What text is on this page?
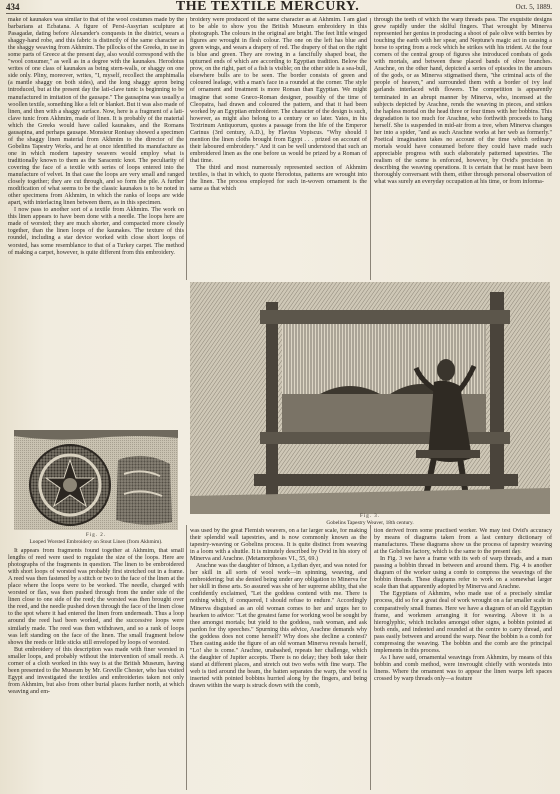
434	THE TEXTILE MERCURY.	Oct. 5, 1889.

make of kaunakes was similar to that of the wool costumes made by the barbarians at Ecbatana. A figure of Persi-Assyrian sculpture at Pasagadæ, dating before Alexander's conquests in the district, wears a shaggy-hand robe, and this fabric is distinctly of the same character as the shaggy weaving from Akhmim. The pillocks of the Greeks, in use in some parts of Greece at the present day, also would correspond with the "wool consumer," as well as in a degree with the kaunakes. Herodotus writes of one class of kaunakes as being stern-walls, or shaggy on one side only. Pliny, moreover, writes, "I, myself, recollect the amphimalla (a mantle shaggy on both sides), and the long shaggy apron being introduced, but at the present day the lati-clave tunic is beginning to be manufactured in imitation of the gausape." The gausapina was usually a woollen textile, something like a felt or blanket. But it was also made of linen, and then with a shaggy surface. Now, here is a fragment of a lati-clave tunic from Akhmim, made of linen. It is probably of the material which the Greeks would have called kaunakes, and the Romans gausapina, and perhaps gausape. Monsieur Ronisay showed a specimen of the shaggy linen material from Akhmim to the director of the Gobelins Tapestry Works, and he at once identified its manufacture as one in which modern tapestry weavers would employ what is traditionally known to them as the Saracenic knot. The peculiarity of covering the face of a textile with series of loops entered into the manufacture of velvet. In that case the loops are very small and ranged closely together; they are cut through, and so form the pile. A further modification of what seems to be the classic kaunakes is to be noted in other specimens from Akhmim, in which the ranks of loops are wide apart, with interlacing linen between them, as in this specimen.

I now pass to another sort of a textile from Akhmim. The work on this linen appears to have been done with a needle. The loops here are made of worsted; they are much shorter, and compacted more closely together, than the linen loops of the kaunakes. The texture of this roundel, including a star device worked with close short loops of worsted, has some resemblance to that of a Turkey carpet. The method of making a carpet, however, is quite different from this embroidery.

broidery were produced of the same character as at Akhmim. I am glad to be able to show you the British Museum embroidery in this photograph. The colours in the original are bright. The feet little winged figures are wrought in flesh colour. The one on the left has blue and green wings, and wears a drapery of red. The drapery of that on the right is blue and green. They are rowing in a fancifully shaped boat, the upturned ends of which are according to Egyptian tradition. Below the prow, on the right, part of a fish is visible; on the other side is a sea-bull, elsewhere bulls are to be seen. The border consists of green and coloured leafage, with a man's face in a roundel at the corner. The style of ornament and treatment is more Roman than Egyptian. We might imagine that some Græco-Roman designer, possibly of the time of Cleopatra, had drawn and coloured the pattern, and that it had been worked by an Egyptian embroiderer. The character of the design is such, however, as might also belong to a century or so later. Yates, in his Textrinum Antiquorum, quotes a passage from the life of the Emperor Carinus (3rd century, A.D.), by Flavius Vopiscus. "Why should I mention the linen cloths brought from Egypt . . . prized on account of their laboured embroidery." And it can be well understood that such an embroidered linen as the one before us would be prized by a Roman of that time.

The third and most numerously represented section of Akhmim textiles, is that in which, to quote Herodotus, patterns are wrought into the linen. The process employed for such in-woven ornament is the same as that which

through the teeth of which the warp threads pass. The exquisite designs grew rapidly under the skilful fingers. That wrought by Minerva represented her genius in producing a shoot of pale olive with berries by touching the earth with her spear, and Neptune's magic act in causing a horse to spring from a rock which he strikes with his trident. At the four corners of the central group of figures she introduced combats of gods with mortals, and between these placed bands of olive branches. Arachne, on the other hand, depicted a series of episodes in the amours of the gods, or as Minerva stigmatised them, "the criminal acts of the people of heaven," and surrounded them with a border of ivy leaf garlands interlaced with flowers. The competition is apparently terminated in an abrupt manner by Minerva, who, incensed at the subjects depicted by Arachne, rends the weaving in pieces, and strikes the hapless mortal on the head three or four times with her bobbins. This degradation is too much for Arachne, who forthwith proceeds to hang herself. She is suspended in mid-air from a tree, when Minerva changes her into a spider, "and as such Arachne works at her web as formerly." Poetical imagination takes no account of the time which ordinary mortals would have consumed before they could have made such appreciable progress with such elaborately patterned tapestries. The realism of the scene is enforced, however, by Ovid's precision in describing the weaving operations. It is certain that he must have been thoroughly conversant with them, either through personal observation of what was surely an everyday occupation at his time, or from informa-

Fig. 2.
Looped Worsted Embroidery on Stout Linen (from Akhmim).
Fig. 3.
Gobelins Tapestry Weaver, 18th century.

It appears from fragments found together at Akhmim, that small lengths of reed were used to regulate the size of the loops. Here are photographs of the fragments in question. The linen to be embroidered with short loops of worsted was probably first stretched out in a frame. A reed was then fastened by a stitch or two to the face of the linen at the place where the loops were to be worked. The needle, charged with worsted or flax, was then pushed through from the under side of the linen close to one side of the reed; the worsted was then brought over the reed, and the needle pushed down through the face of the linen close to the spot where it had entered the linen from underneath. Thus a loop around the reed had been worked, and the successive loops were similarly made. The reed was then withdrawn, and so a rank of loops was left standing on the face of the linen. The small fragment below shows the reeds or little sticks still enveloped by loops of worsted.

But embroidery of this description was made with finer worsted in smaller loops, and probably without the intervention of small reeds. A corner of a cloth worked in this way is at the British Museum, having been presented to the Museum by Mr. Greville Chester, who has visited Egypt and investigated the textiles and embroideries taken not only from Akhmim, but also from other burial places further north, at which weaving and em-

was used by the great Flemish weavers, on a far larger scale, for making their splendid wall tapestries, and is now commonly known as the tapestry-weaving or Gobelins process. It is quite distinct from weaving in a loom with a shuttle. It is minutely described by Ovid in his story of Minerva and Arachne. (Metamorphoses VI., 55, 69.)

Arachne was the daughter of Idmon, a Lydian dyer, and was noted for her skill in all sorts of wool work—in spinning, weaving, and embroidering; but she denied being under any obligation to Minerva for her skill in these arts. So assured was she of her supreme ability, that she confidently exclaimed, "Let the goddess contend with me. There is nothing which, if conquered, I should refuse to endure." Accordingly Minerva disguised as an old woman comes to her and urges her to hearken to advice: "Let the greatest fame for working wool be sought by thee amongst mortals; but yield to the goddess, rash woman, and ask pardon for thy speeches." Spurning this advice, Arachne demands why the goddess does not come herself? Why does she decline a contest? Then casting aside the figure of an old woman Minerva reveals herself, "Lo! she is come." Arachne, unabashed, repeats her challenge, which the daughter of Jupiter accepts. There is no delay; they both take their stand at different places, and stretch out two webs with fine warp. The web is tied around the beam, the batten separates the warp, the woof is inserted with pointed bobbins hurried along by the fingers, and being drawn within the warp is struck down with the comb,

tion derived from some practised worker. We may test Ovid's accuracy by means of diagrams taken from a last century dictionary of manufactures. These diagrams show us the process of tapestry weaving at the Gobelins factory, which is the same to the present day.

In Fig. 3 we have a frame with its web of warp threads, and a man passing a bobbin thread in between and around them. Fig. 4 is another diagram of the worker using a comb to compress the weavings of the bobbin threads. These diagrams refer to work on a somewhat larger scale than that apparently adopted by Minerva and Arachne.

The Egyptians of Akhmim, who made use of a precisely similar process, did so for a great deal of work wrought on a far smaller scale in comparatively small frames. Here we have a diagram of an old Egyptian frame, and workmen arranging it for weaving. Above it is a hieroglyphic, which includes amongst other signs, a bobbin pointed at both ends, and indented and rounded at the centre to carry thread, and pass easily between and around the warp. Near the bobbin is a comb for compressing the weaving. The bobbin and the comb are the principal implements in this process.

As I have said, ornamental weavings from Akhmim, by means of this bobbin and comb method, were inwrought chiefly with worsteds into linens. Where the ornament was to appear the linen warps left spaces crossed by warp threads only—a feature
